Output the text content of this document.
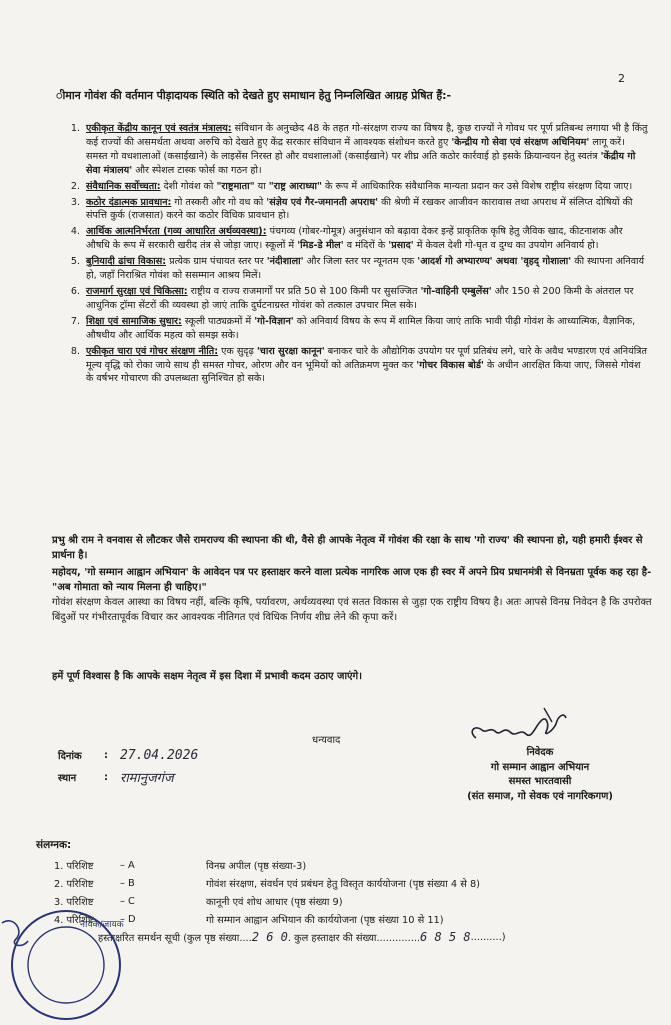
2
ीमान गोवंश की वर्तमान पीड़ादायक स्थिति को देखते हुए समाधान हेतु निम्नलिखित आग्रह प्रेषित हैं:-
1. एकीकृत केंद्रीय कानून एवं स्वतंत्र मंत्रालय: संविधान के अनुच्छेद 48 के तहत गो-संरक्षण राज्य का विषय है, कुछ राज्यों ने गोवध पर पूर्ण प्रतिबन्ध लगाया भी है किंतु कई राज्यों की असमर्थता अथवा अरुचि को देखते हुए केंद्र सरकार संविधान में आवश्यक संशोधन करते हुए 'केन्द्रीय गो सेवा एवं संरक्षण अधिनियम' लागू करें। समस्त गो वधशालाओं (कसाईखाने) के लाइसेंस निरस्त हो और वधशालाओं (कसाईखाने) पर शीघ्र अति कठोर कार्रवाई हो इसके क्रियान्वयन हेतु स्वतंत्र 'केंद्रीय गो सेवा मंत्रालय' और स्पेशल टास्क फोर्स का गठन हो।
2. संवैधानिक सर्वोच्चता: देशी गोवंश को "राष्ट्रमाता" या "राष्ट्र आराध्या" के रूप में आधिकारिक संवैधानिक मान्यता प्रदान कर उसे विशेष राष्ट्रीय संरक्षण दिया जाए।
3. कठोर दंडात्मक प्रावधान: गो तस्करी और गो वध को 'संज्ञेय एवं गैर-जमानती अपराध' की श्रेणी में रखकर आजीवन कारावास तथा अपराध में संलिप्त दोषियों की संपत्ति कुर्क (राजसात) करने का कठोर विधिक प्रावधान हो।
4. आर्थिक आत्मनिर्भरता (गव्य आधारित अर्थव्यवस्था): पंचगव्य (गोबर-गोमूत्र) अनुसंधान को बढ़ावा देकर इन्हें प्राकृतिक कृषि हेतु जैविक खाद, कीटनाशक और औषधि के रूप में सरकारी खरीद तंत्र से जोड़ा जाए। स्कूलों में 'मिड-डे मील' व मंदिरों के 'प्रसाद' में केवल देशी गो-घृत व दुग्ध का उपयोग अनिवार्य हो।
5. बुनियादी ढांचा विकास: प्रत्येक ग्राम पंचायत स्तर पर 'नंदीशाला' और जिला स्तर पर न्यूनतम एक 'आदर्श गो अभ्यारण्य' अथवा 'वृहद् गोशाला' की स्थापना अनिवार्य हो, जहाँ निराश्रित गोवंश को ससम्मान आश्रय मिलें।
6. राजमार्ग सुरक्षा एवं चिकित्सा: राष्ट्रीय व राज्य राजमार्गों पर प्रति 50 से 100 किमी पर सुसज्जित 'गो-वाहिनी एम्बुलेंस' और 150 से 200 किमी के अंतराल पर आधुनिक ट्रॉमा सेंटरों की व्यवस्था हो जाएं ताकि दुर्घटनाग्रस्त गोवंश को तत्काल उपचार मिल सके।
7. शिक्षा एवं सामाजिक सुधार: स्कूली पाठ्यक्रमों में 'गो-विज्ञान' को अनिवार्य विषय के रूप में शामिल किया जाएं ताकि भावी पीढ़ी गोवंश के आध्यात्मिक, वैज्ञानिक, औषधीय और आर्थिक महत्व को समझ सके।
8. एकीकृत चारा एवं गोचर संरक्षण नीति: एक सुदृढ़ 'चारा सुरक्षा कानून' बनाकर चारे के औद्योगिक उपयोग पर पूर्ण प्रतिबंध लगे, चारे के अवैध भण्डारण एवं अनियंत्रित मूल्य वृद्धि को रोका जाये साथ ही समस्त गोचर, ओरण और वन भूमियों को अतिक्रमण मुक्त कर 'गोचर विकास बोर्ड' के अधीन आरक्षित किया जाए, जिससे गोवंश के वर्षभर गोचारण की उपलब्धता सुनिश्चित हो सके।
प्रभु श्री राम ने वनवास से लौटकर जैसे रामराज्य की स्थापना की थी, वैसे ही आपके नेतृत्व में गोवंश की रक्षा के साथ 'गो राज्य' की स्थापना हो, यही हमारी ईश्वर से प्रार्थना है।
महोदय, 'गो सम्मान आह्वान अभियान' के आवेदन पत्र पर हस्ताक्षर करने वाला प्रत्येक नागरिक आज एक ही स्वर में अपने प्रिय प्रधानमंत्री से विनम्रता पूर्वक कह रहा है- "अब गोमाता को न्याय मिलना ही चाहिए।"
गोवंश संरक्षण केवल आस्था का विषय नहीं, बल्कि कृषि, पर्यावरण, अर्थव्यवस्था एवं सतत विकास से जुड़ा एक राष्ट्रीय विषय है। अतः आपसे विनम्र निवेदन है कि उपरोक्त बिंदुओं पर गंभीरतापूर्वक विचार कर आवश्यक नीतिगत एवं विधिक निर्णय शीघ्र लेने की कृपा करें।
हमें पूर्ण विश्वास है कि आपके सक्षम नेतृत्व में इस दिशा में प्रभावी कदम उठाए जाएंगे।
धन्यवाद
दिनांक	: 27.04.2026
स्थान	: रामानुजगंज
निवेदक
गो सम्मान आह्वान अभियान
समस्त भारतवासी
(संत समाज, गो सेवक एवं नागरिकगण)
संलग्नक:
1. परिशिष्ट	– A	विनम्र अपील (पृष्ठ संख्या-3)
2. परिशिष्ट	– B	गोवंश संरक्षण, संवर्धन एवं प्रबंधन हेतु विस्तृत कार्ययोजना (पृष्ठ संख्या 4 से 8)
3. परिशिष्ट	– C	कानूनी एवं शोध आधार (पृष्ठ संख्या 9)
4. परिशिष्ट	– D	गो सम्मान आह्वान अभियान की कार्ययोजना (पृष्ठ संख्या 10 से 11)
हस्ताक्षरित समर्थन सूची (कुल पृष्ठ संख्या.... 2 6 0 . कुल हस्ताक्षर की संख्या.............. 6 8 5 8 ..........)
नायक/जायक
